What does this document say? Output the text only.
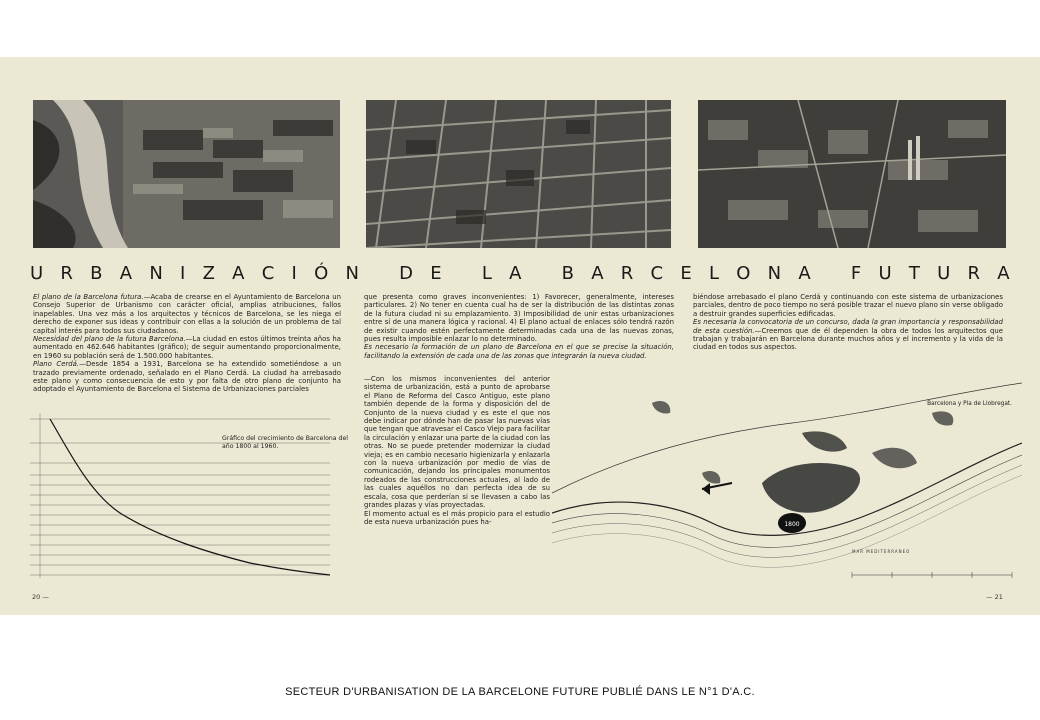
U R B A N I Z A C I Ó N
D E
L A
B A R C E L O N A
F U T U R A

El plano de la Barcelona futura.—Acaba de crearse en el Ayuntamiento de Barcelona un Consejo Superior de Urbanismo con carácter oficial, amplias atribuciones, fallos inapelables. Una vez más a los arquitectos y técnicos de Barcelona, se les niega el derecho de exponer sus ideas y contribuir con ellas a la solución de un problema de tal capital interés para todos sus ciudadanos.

Necesidad del plano de la futura Barcelona.—La ciudad en estos últimos treinta años ha aumentado en 462.646 habitantes (gráfico); de seguir aumentando proporcionalmente, en 1960 su población será de 1.500.000 habitantes.

Plano Cerdá.—Desde 1854 a 1931, Barcelona se ha extendido sometiéndose a un trazado previamente ordenado, señalado en el Plano Cerdá. La ciudad ha arrebasado este plano y como consecuencia de esto y por falta de otro plano de conjunto ha adoptado el Ayuntamiento de Barcelona el Sistema de Urbanizaciones parciales

Gráfico del crecimiento de Barcelona del año 1800 al 1960.

que presenta como graves inconvenientes: 1) Favorecer, generalmente, intereses particulares. 2) No tener en cuenta cual ha de ser la distribución de las distintas zonas de la futura ciudad ni su emplazamiento. 3) Imposibilidad de unir estas urbanizaciones entre sí de una manera lógica y racional. 4) El plano actual de enlaces sólo tendrá razón de existir cuando estén perfectamente determinadas cada una de las nuevas zonas, pues resulta imposible enlazar lo no determinado.

Es necesario la formación de un plano de Barcelona en el que se precise la situación, facilitando la extensión de cada una de las zonas que integrarán la nueva ciudad.

—Con los mismos inconvenientes del anterior sistema de urbanización, está a punto de aprobarse el Plano de Reforma del Casco Antiguo, este plano también depende de la forma y disposición del de Conjunto de la nueva ciudad y es este el que nos debe indicar por dónde han de pasar las nuevas vías que tengan que atravesar el Casco Viejo para facilitar la circulación y enlazar una parte de la ciudad con las otras. No se puede pretender modernizar la ciudad vieja; es en cambio necesario higienizarla y enlazarla con la nueva urbanización por medio de vías de comunicación, dejando los principales monumentos rodeados de las construcciones actuales, al lado de las cuales aquéllos no dan perfecta idea de su escala, cosa que perderían si se llevasen a cabo las grandes plazas y vías proyectadas.

El momento actual es el más propicio para el estudio de esta nueva urbanización pues ha-

biéndose arrebasado el plano Cerdá y continuando con este sistema de urbanizaciones parciales, dentro de poco tiempo no será posible trazar el nuevo plano sin verse obligado a destruir grandes superficies edificadas.

Es necesaria la convocatoria de un concurso, dada la gran importancia y responsabilidad de esta cuestión.—Creemos que de él dependen la obra de todos los arquitectos que trabajan y trabajarán en Barcelona durante muchos años y el incremento y la vida de la ciudad en todos sus aspectos.

1800
MAR MEDITERRANEO
Barcelona y Pla de Llobregat.
20 —	— 21
SECTEUR D'URBANISATION DE LA BARCELONE FUTURE PUBLIÉ DANS LE N°1 D'A.C.
